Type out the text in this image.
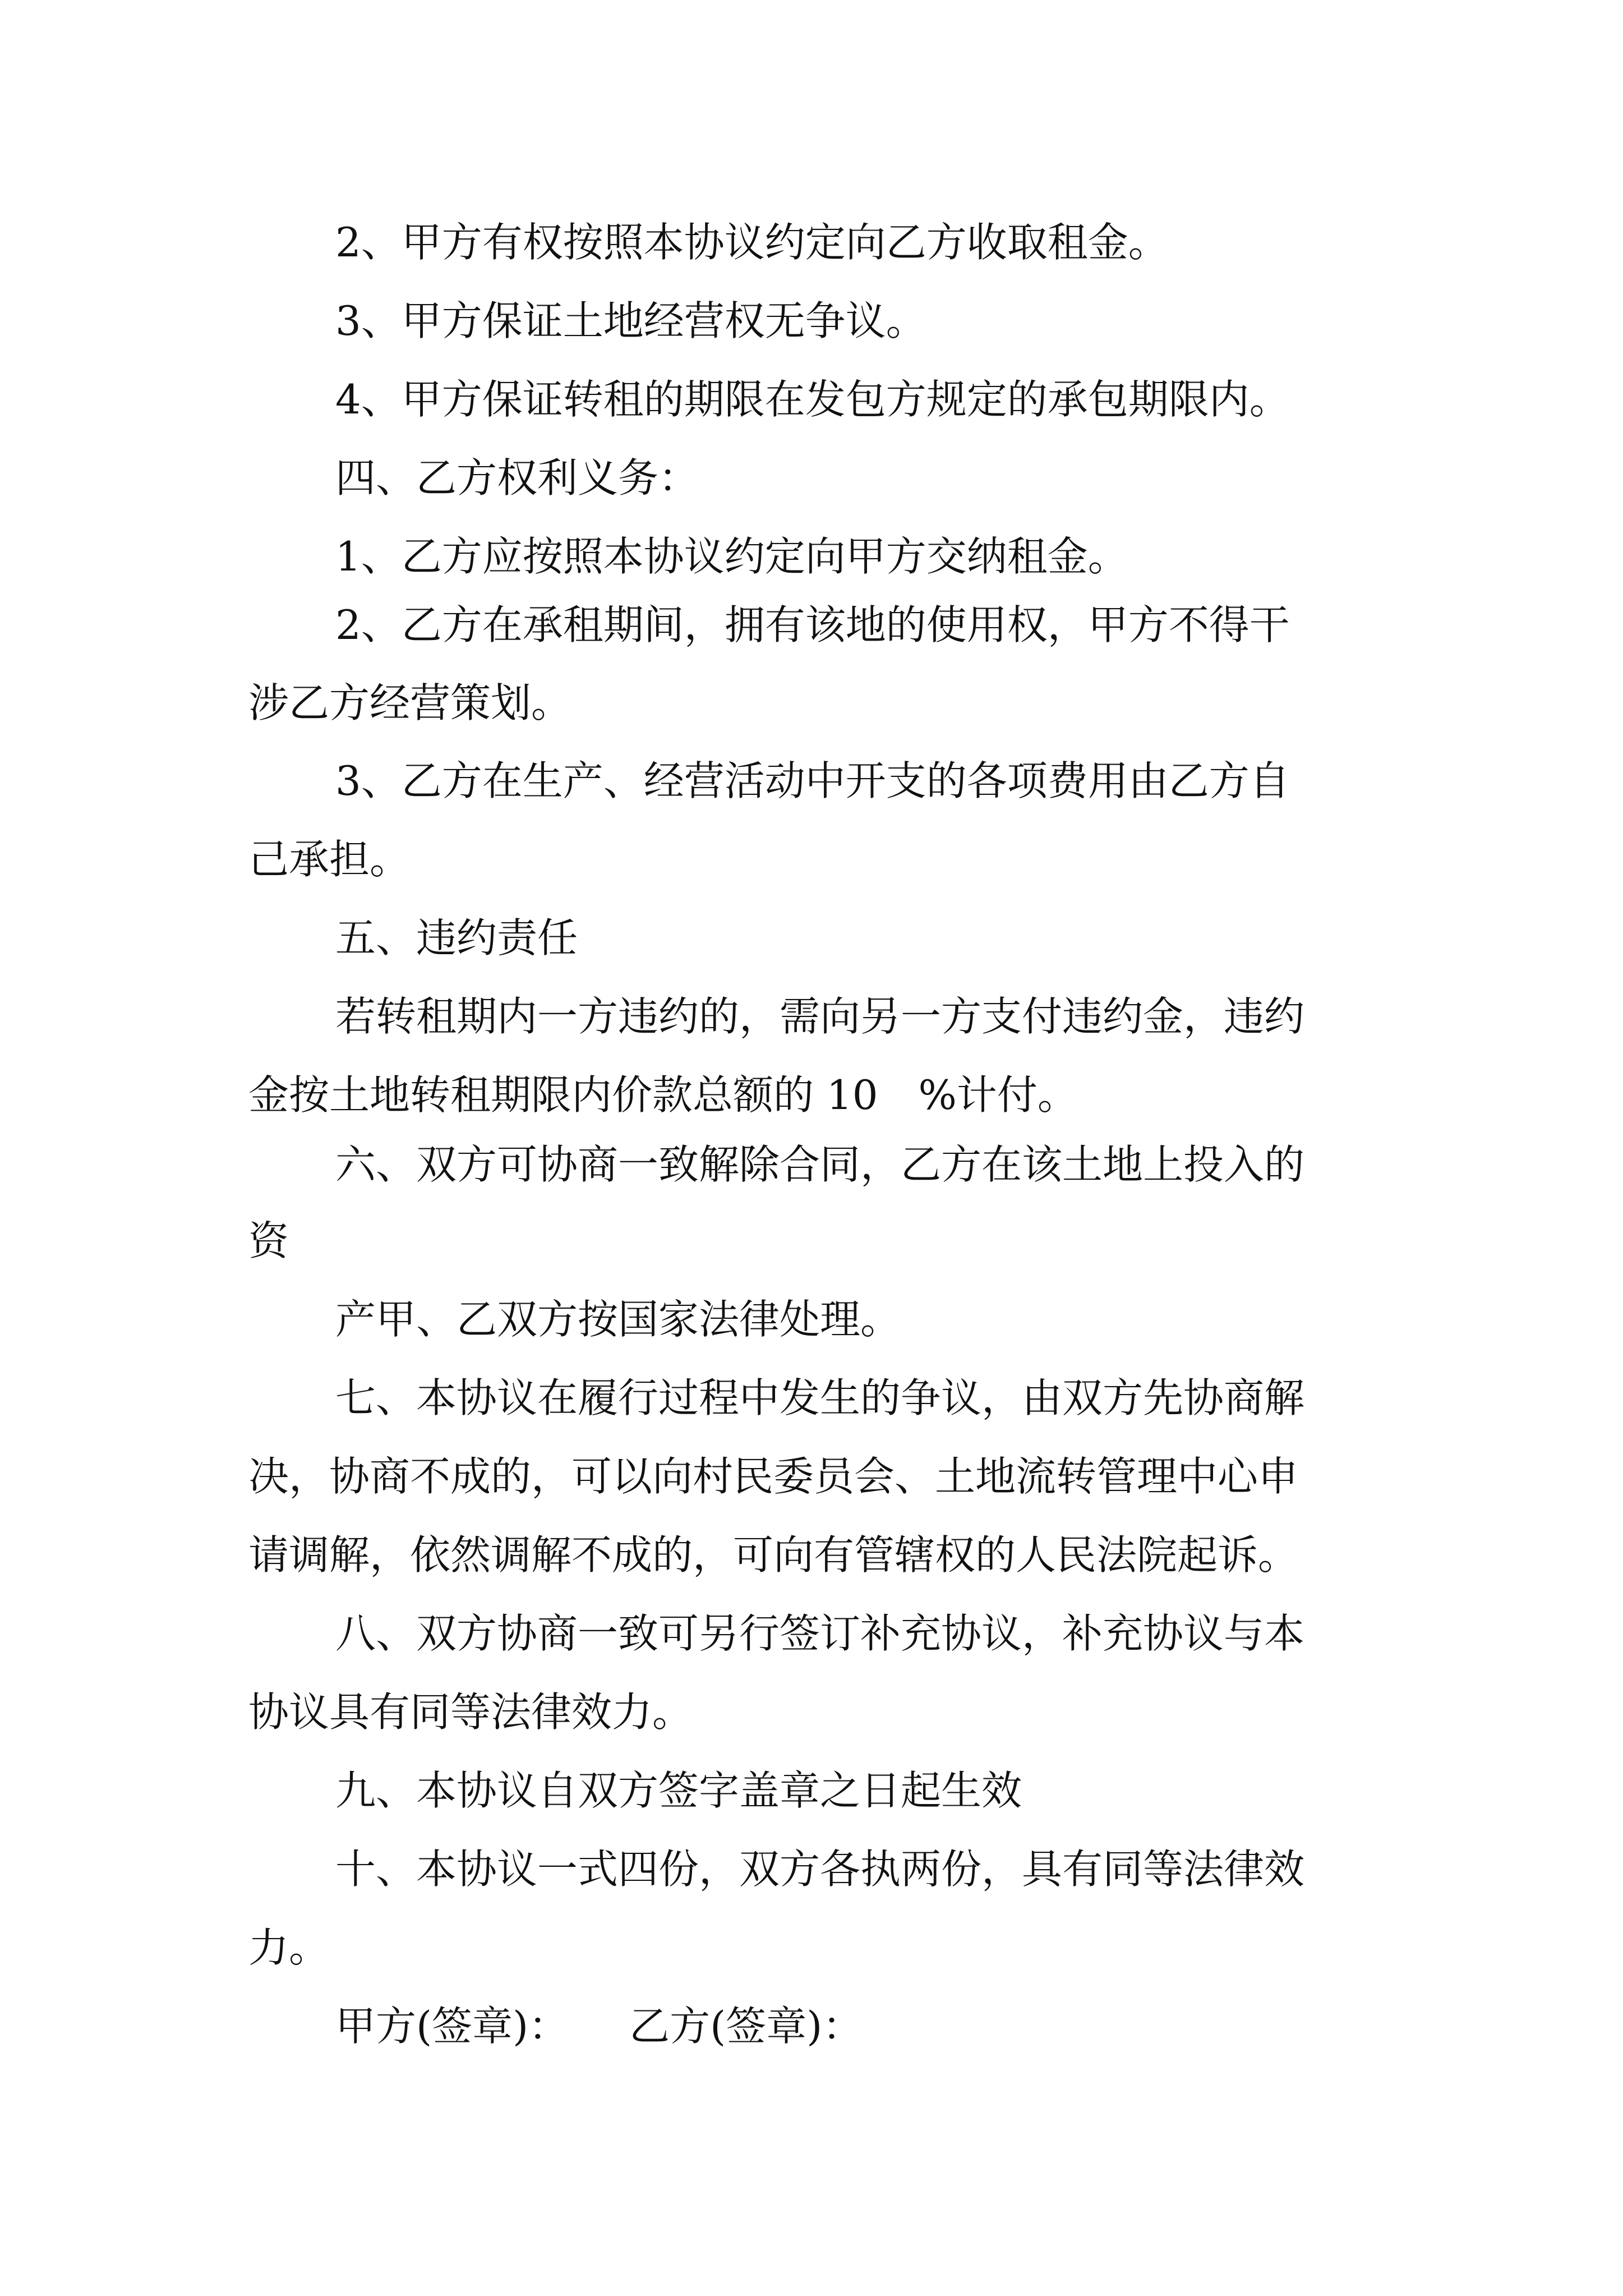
2、甲方有权按照本协议约定向乙方收取租金。
3、甲方保证土地经营权无争议。
4、甲方保证转租的期限在发包方规定的承包期限内。
四、乙方权利义务：
1、乙方应按照本协议约定向甲方交纳租金。
2、乙方在承租期间，拥有该地的使用权，甲方不得干
涉乙方经营策划。
3、乙方在生产、经营活动中开支的各项费用由乙方自
己承担。
五、违约责任
若转租期内一方违约的，需向另一方支付违约金，违约
金按土地转租期限内价款总额的 10　%计付。
六、双方可协商一致解除合同，乙方在该土地上投入的
资
产甲、乙双方按国家法律处理。
七、本协议在履行过程中发生的争议，由双方先协商解
决，协商不成的，可以向村民委员会、土地流转管理中心申
请调解，依然调解不成的，可向有管辖权的人民法院起诉。
八、双方协商一致可另行签订补充协议，补充协议与本
协议具有同等法律效力。
九、本协议自双方签字盖章之日起生效
十、本协议一式四份，双方各执两份，具有同等法律效
力。
甲方(签章)：　　乙方(签章)：
